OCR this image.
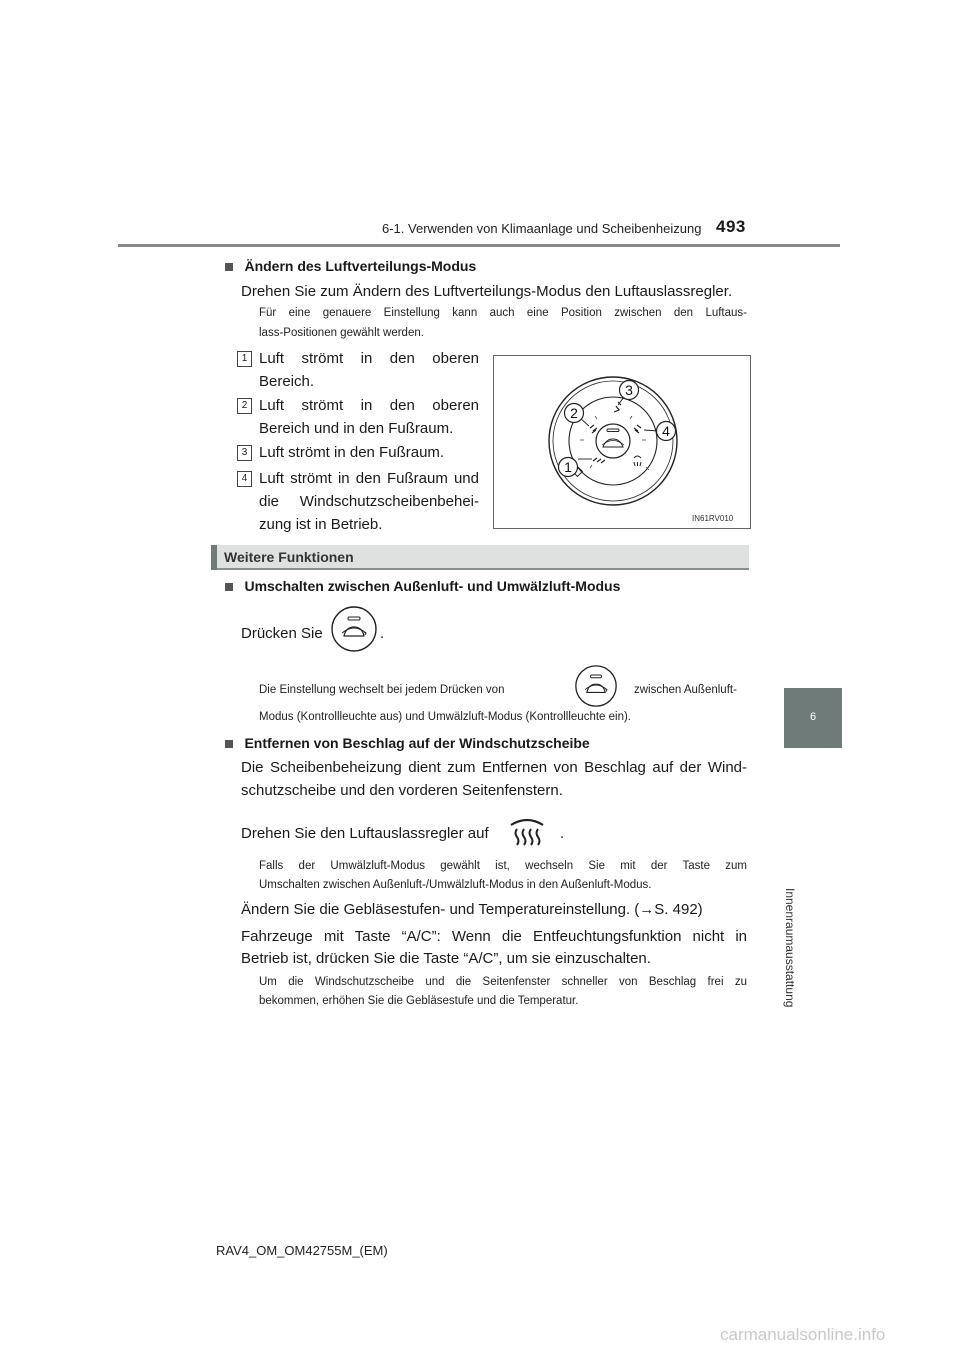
6-1. Verwenden von Klimaanlage und Scheibenheizung 493
6
Innenraumausstattung
Ändern des Luftverteilungs-Modus
Drehen Sie zum Ändern des Luftverteilungs-Modus den Luftauslassregler.
Für eine genauere Einstellung kann auch eine Position zwischen den Luftaus-
lass-Positionen gewählt werden.
1 Luft strömt in den oberen
Bereich.
2 Luft strömt in den oberen
Bereich und in den Fußraum.
3 Luft strömt in den Fußraum.
4 Luft strömt in den Fußraum und
die Windschutzscheibenbehei-
zung ist in Betrieb.
1
2
3
4
IN61RV010
Weitere Funktionen
Umschalten zwischen Außenluft- und Umwälzluft-Modus
Drücken Sie	.
Die Einstellung wechselt bei jedem Drücken von	zwischen Außenluft-
Modus (Kontrollleuchte aus) und Umwälzluft-Modus (Kontrollleuchte ein).
Entfernen von Beschlag auf der Windschutzscheibe
Die Scheibenbeheizung dient zum Entfernen von Beschlag auf der Wind-
schutzscheibe und den vorderen Seitenfenstern.
Drehen Sie den Luftauslassregler auf	.
Falls der Umwälzluft-Modus gewählt ist, wechseln Sie mit der Taste zum
Umschalten zwischen Außenluft-/Umwälzluft-Modus in den Außenluft-Modus.
Ändern Sie die Gebläsestufen- und Temperatureinstellung. (→S. 492)
Fahrzeuge mit Taste “A/C”: Wenn die Entfeuchtungsfunktion nicht in
Betrieb ist, drücken Sie die Taste “A/C”, um sie einzuschalten.
Um die Windschutzscheibe und die Seitenfenster schneller von Beschlag frei zu
bekommen, erhöhen Sie die Gebläsestufe und die Temperatur.
RAV4_OM_OM42755M_(EM)
carmanualsonline.info
